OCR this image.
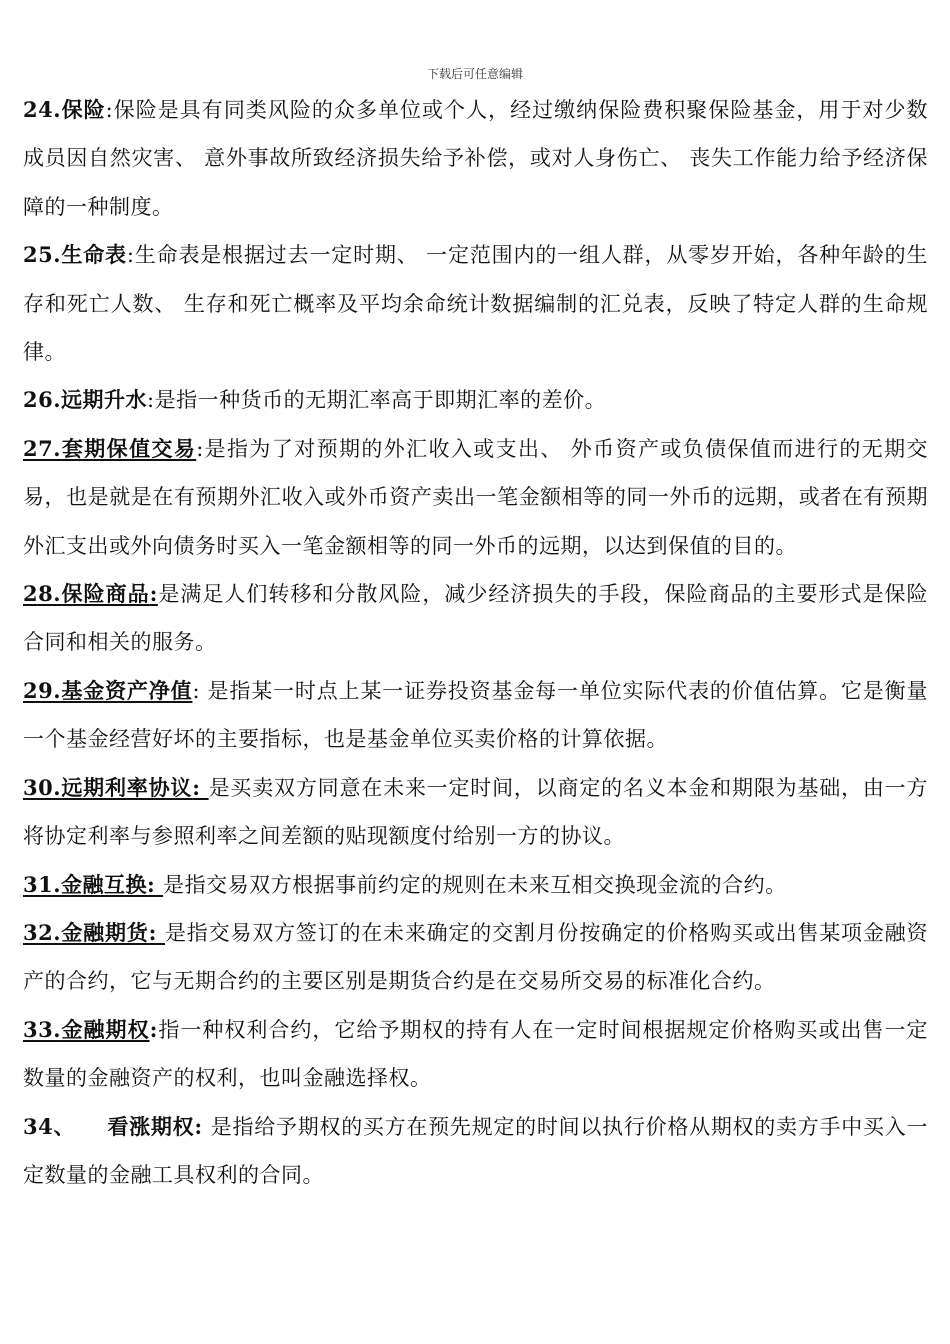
下载后可任意编辑

24.保险:保险是具有同类风险的众多单位或个人，经过缴纳保险费积聚保险基金，用于对少数成员因自然灾害、 意外事故所致经济损失给予补偿，或对人身伤亡、 丧失工作能力给予经济保障的一种制度。

25.生命表:生命表是根据过去一定时期、 一定范围内的一组人群，从零岁开始，各种年龄的生存和死亡人数、 生存和死亡概率及平均余命统计数据编制的汇兑表，反映了特定人群的生命规律。

26.远期升水:是指一种货币的无期汇率高于即期汇率的差价。

27.套期保值交易:是指为了对预期的外汇收入或支出、 外币资产或负债保值而进行的无期交易，也是就是在有预期外汇收入或外币资产卖出一笔金额相等的同一外币的远期，或者在有预期外汇支出或外向债务时买入一笔金额相等的同一外币的远期，以达到保值的目的。

28.保险商品:是满足人们转移和分散风险，减少经济损失的手段，保险商品的主要形式是保险合同和相关的服务。

29.基金资产净值: 是指某一时点上某一证券投资基金每一单位实际代表的价值估算。它是衡量一个基金经营好坏的主要指标，也是基金单位买卖价格的计算依据。

30.远期利率协议: 是买卖双方同意在未来一定时间，以商定的名义本金和期限为基础，由一方将协定利率与参照利率之间差额的贴现额度付给别一方的协议。

31.金融互换: 是指交易双方根据事前约定的规则在未来互相交换现金流的合约。

32.金融期货: 是指交易双方签订的在未来确定的交割月份按确定的价格购买或出售某项金融资产的合约，它与无期合约的主要区别是期货合约是在交易所交易的标准化合约。

33.金融期权:指一种权利合约，它给予期权的持有人在一定时间根据规定价格购买或出售一定数量的金融资产的权利，也叫金融选择权。

34、 看涨期权: 是指给予期权的买方在预先规定的时间以执行价格从期权的卖方手中买入一定数量的金融工具权利的合同。
